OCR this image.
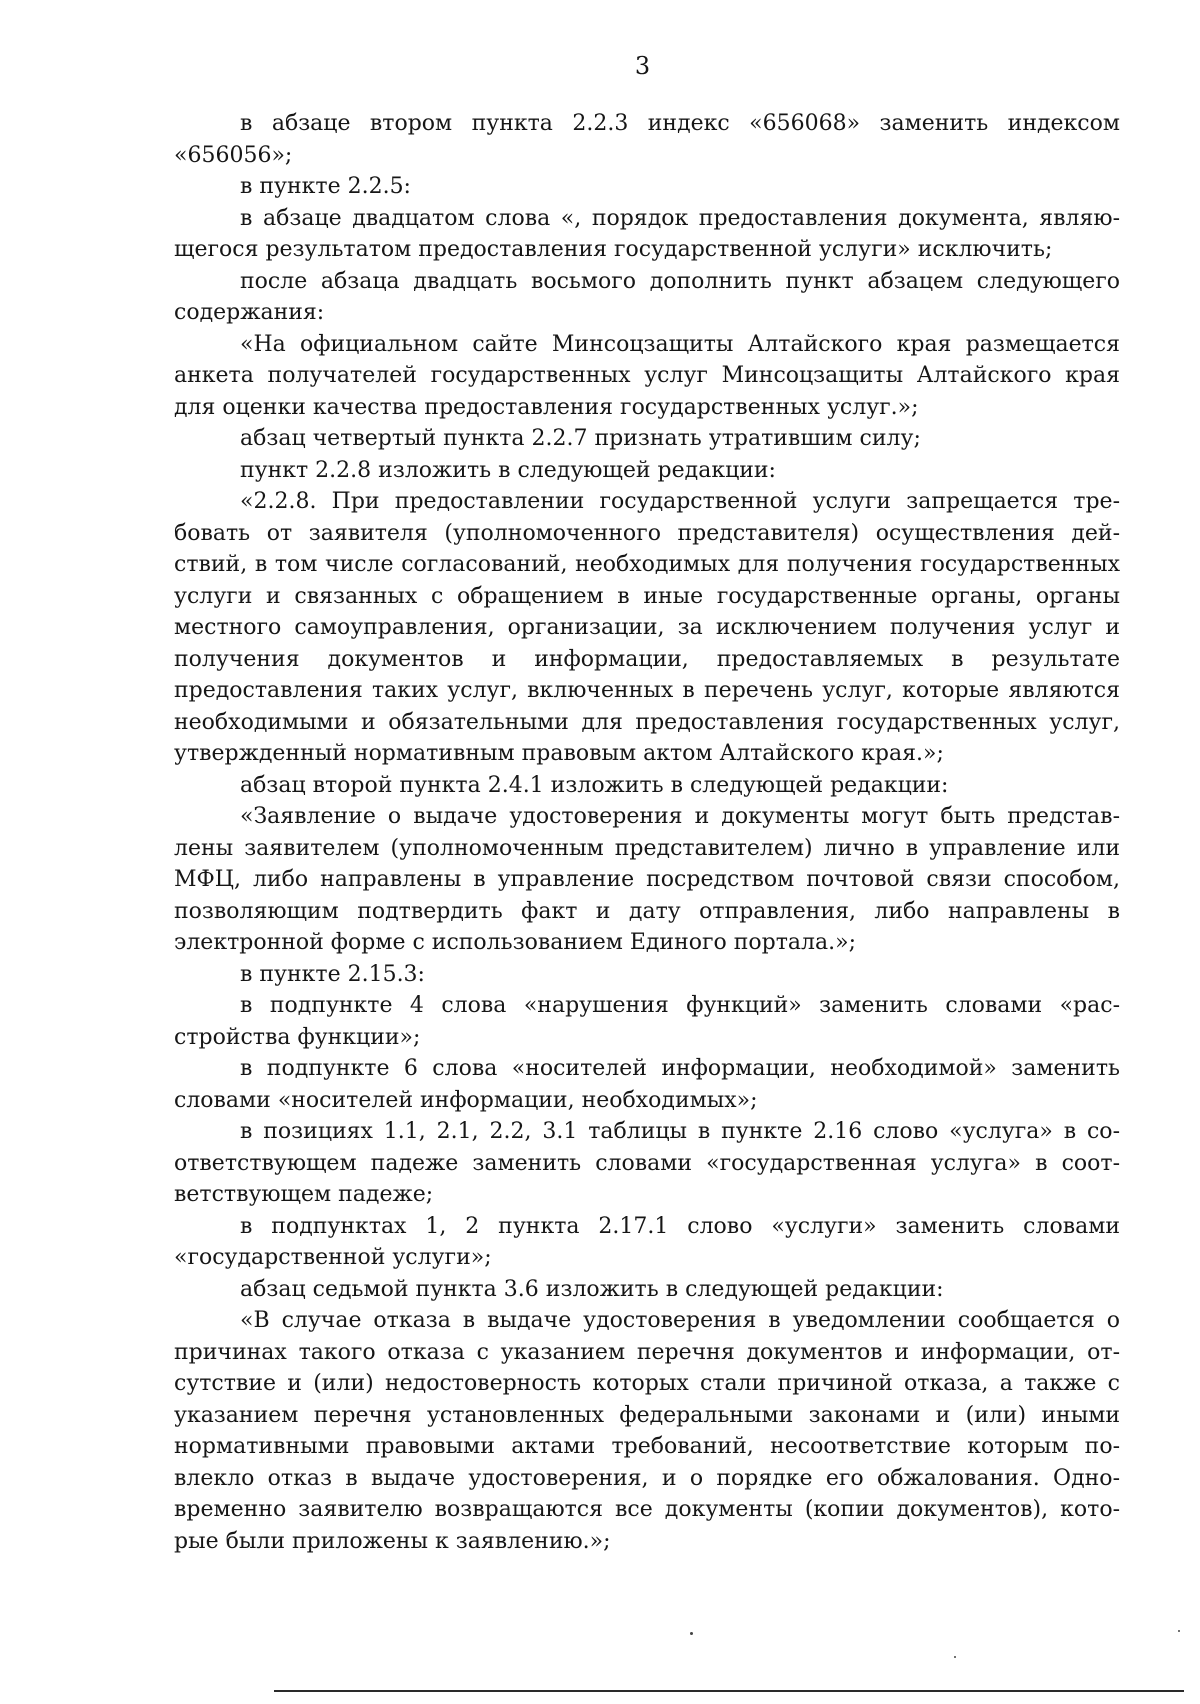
3

в абзаце втором пункта 2.2.3 индекс «656068» заменить индексом «656056»;

в пункте 2.2.5:

в абзаце двадцатом слова «, порядок предоставления документа, являющегося результатом предоставления государственной услуги» исключить;

после абзаца двадцать восьмого дополнить пункт абзацем следующего содержания:

«На официальном сайте Минсоцзащиты Алтайского края размещается анкета получателей государственных услуг Минсоцзащиты Алтайского края для оценки качества предоставления государственных услуг.»;

абзац четвертый пункта 2.2.7 признать утратившим силу;

пункт 2.2.8 изложить в следующей редакции:

«2.2.8. При предоставлении государственной услуги запрещается требовать от заявителя (уполномоченного представителя) осуществления действий, в том числе согласований, необходимых для получения государственных услуги и связанных с обращением в иные государственные органы, органы местного самоуправления, организации, за исключением получения услуг и получения документов и информации, предоставляемых в результате предоставления таких услуг, включенных в перечень услуг, которые являются необходимыми и обязательными для предоставления государственных услуг, утвержденный нормативным правовым актом Алтайского края.»;

абзац второй пункта 2.4.1 изложить в следующей редакции:

«Заявление о выдаче удостоверения и документы могут быть представлены заявителем (уполномоченным представителем) лично в управление или МФЦ, либо направлены в управление посредством почтовой связи способом, позволяющим подтвердить факт и дату отправления, либо направлены в электронной форме с использованием Единого портала.»;

в пункте 2.15.3:

в подпункте 4 слова «нарушения функций» заменить словами «расстройства функции»;

в подпункте 6 слова «носителей информации, необходимой» заменить словами «носителей информации, необходимых»;

в позициях 1.1, 2.1, 2.2, 3.1 таблицы в пункте 2.16 слово «услуга» в соответствующем падеже заменить словами «государственная услуга» в соответствующем падеже;

в подпунктах 1, 2 пункта 2.17.1 слово «услуги» заменить словами «государственной услуги»;

абзац седьмой пункта 3.6 изложить в следующей редакции:

«В случае отказа в выдаче удостоверения в уведомлении сообщается о причинах такого отказа с указанием перечня документов и информации, отсутствие и (или) недостоверность которых стали причиной отказа, а также с указанием перечня установленных федеральными законами и (или) иными нормативными правовыми актами требований, несоответствие которым повлекло отказ в выдаче удостоверения, и о порядке его обжалования. Одновременно заявителю возвращаются все документы (копии документов), которые были приложены к заявлению.»;
